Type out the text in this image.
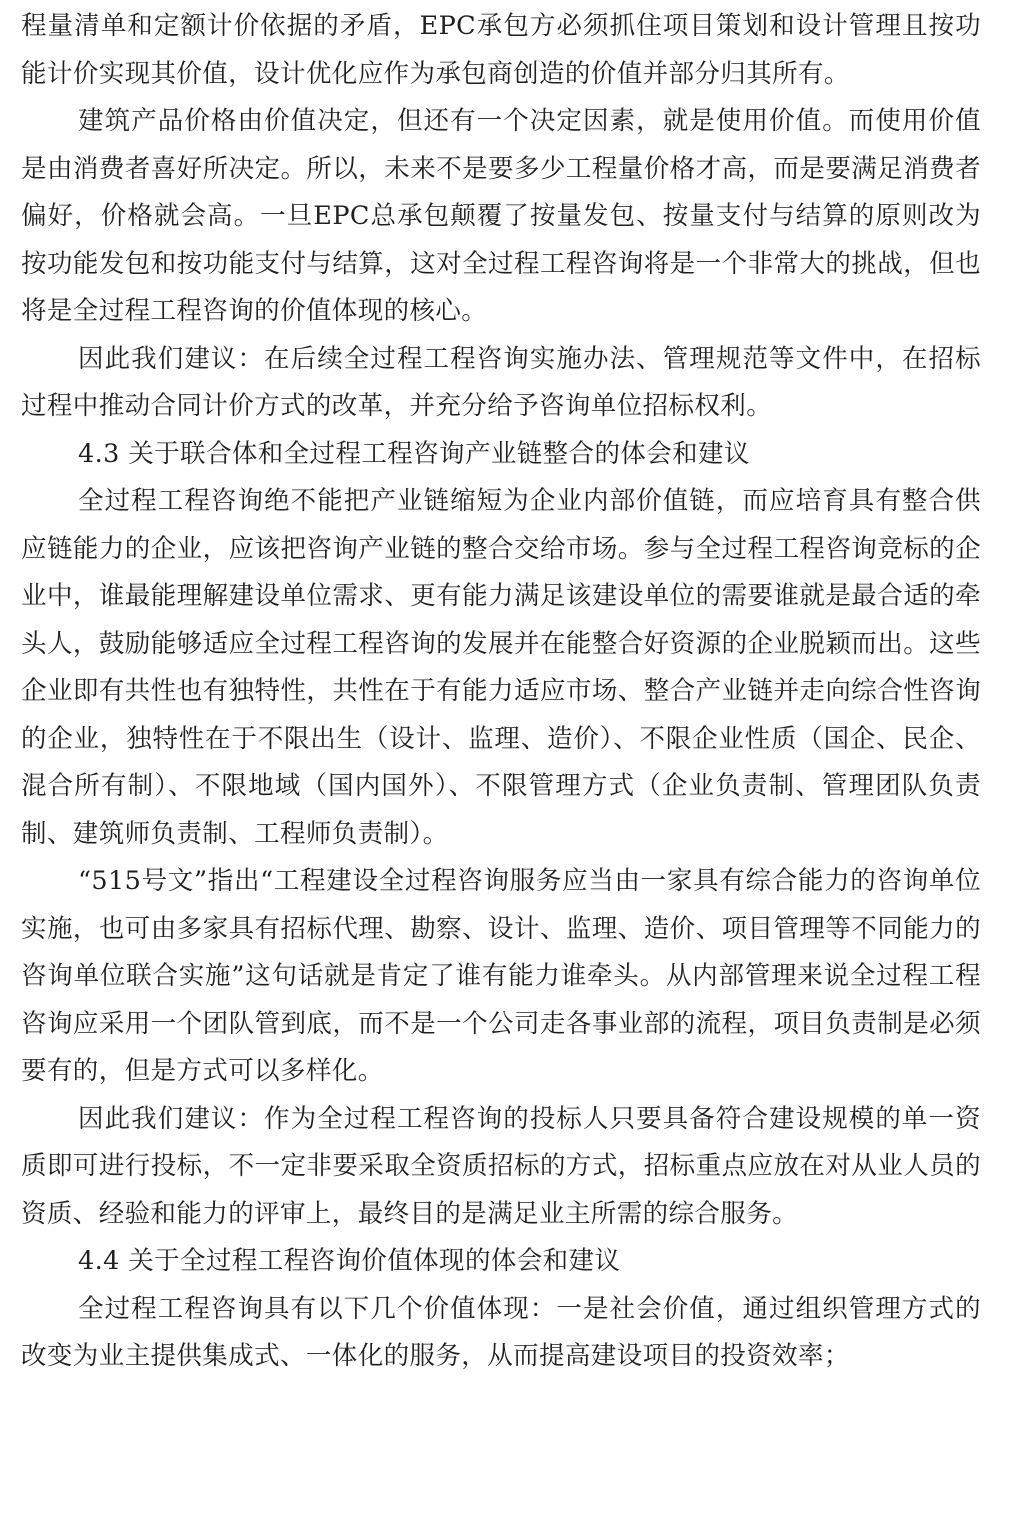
程量清单和定额计价依据的矛盾，EPC承包方必须抓住项目策划和设计管理且按功能计价实现其价值，设计优化应作为承包商创造的价值并部分归其所有。

建筑产品价格由价值决定，但还有一个决定因素，就是使用价值。而使用价值是由消费者喜好所决定。所以，未来不是要多少工程量价格才高，而是要满足消费者偏好，价格就会高。一旦EPC总承包颠覆了按量发包、按量支付与结算的原则改为按功能发包和按功能支付与结算，这对全过程工程咨询将是一个非常大的挑战，但也将是全过程工程咨询的价值体现的核心。

因此我们建议：在后续全过程工程咨询实施办法、管理规范等文件中，在招标过程中推动合同计价方式的改革，并充分给予咨询单位招标权利。

4.3 关于联合体和全过程工程咨询产业链整合的体会和建议

全过程工程咨询绝不能把产业链缩短为企业内部价值链，而应培育具有整合供应链能力的企业，应该把咨询产业链的整合交给市场。参与全过程工程咨询竞标的企业中，谁最能理解建设单位需求、更有能力满足该建设单位的需要谁就是最合适的牵头人，鼓励能够适应全过程工程咨询的发展并在能整合好资源的企业脱颖而出。这些企业即有共性也有独特性，共性在于有能力适应市场、整合产业链并走向综合性咨询的企业，独特性在于不限出生（设计、监理、造价）、不限企业性质（国企、民企、混合所有制）、不限地域（国内国外）、不限管理方式（企业负责制、管理团队负责制、建筑师负责制、工程师负责制）。

“515号文”指出“工程建设全过程咨询服务应当由一家具有综合能力的咨询单位实施，也可由多家具有招标代理、勘察、设计、监理、造价、项目管理等不同能力的咨询单位联合实施”这句话就是肯定了谁有能力谁牵头。从内部管理来说全过程工程咨询应采用一个团队管到底，而不是一个公司走各事业部的流程，项目负责制是必须要有的，但是方式可以多样化。

因此我们建议：作为全过程工程咨询的投标人只要具备符合建设规模的单一资质即可进行投标，不一定非要采取全资质招标的方式，招标重点应放在对从业人员的资质、经验和能力的评审上，最终目的是满足业主所需的综合服务。

4.4 关于全过程工程咨询价值体现的体会和建议

全过程工程咨询具有以下几个价值体现：一是社会价值，通过组织管理方式的改变为业主提供集成式、一体化的服务，从而提高建设项目的投资效率；
